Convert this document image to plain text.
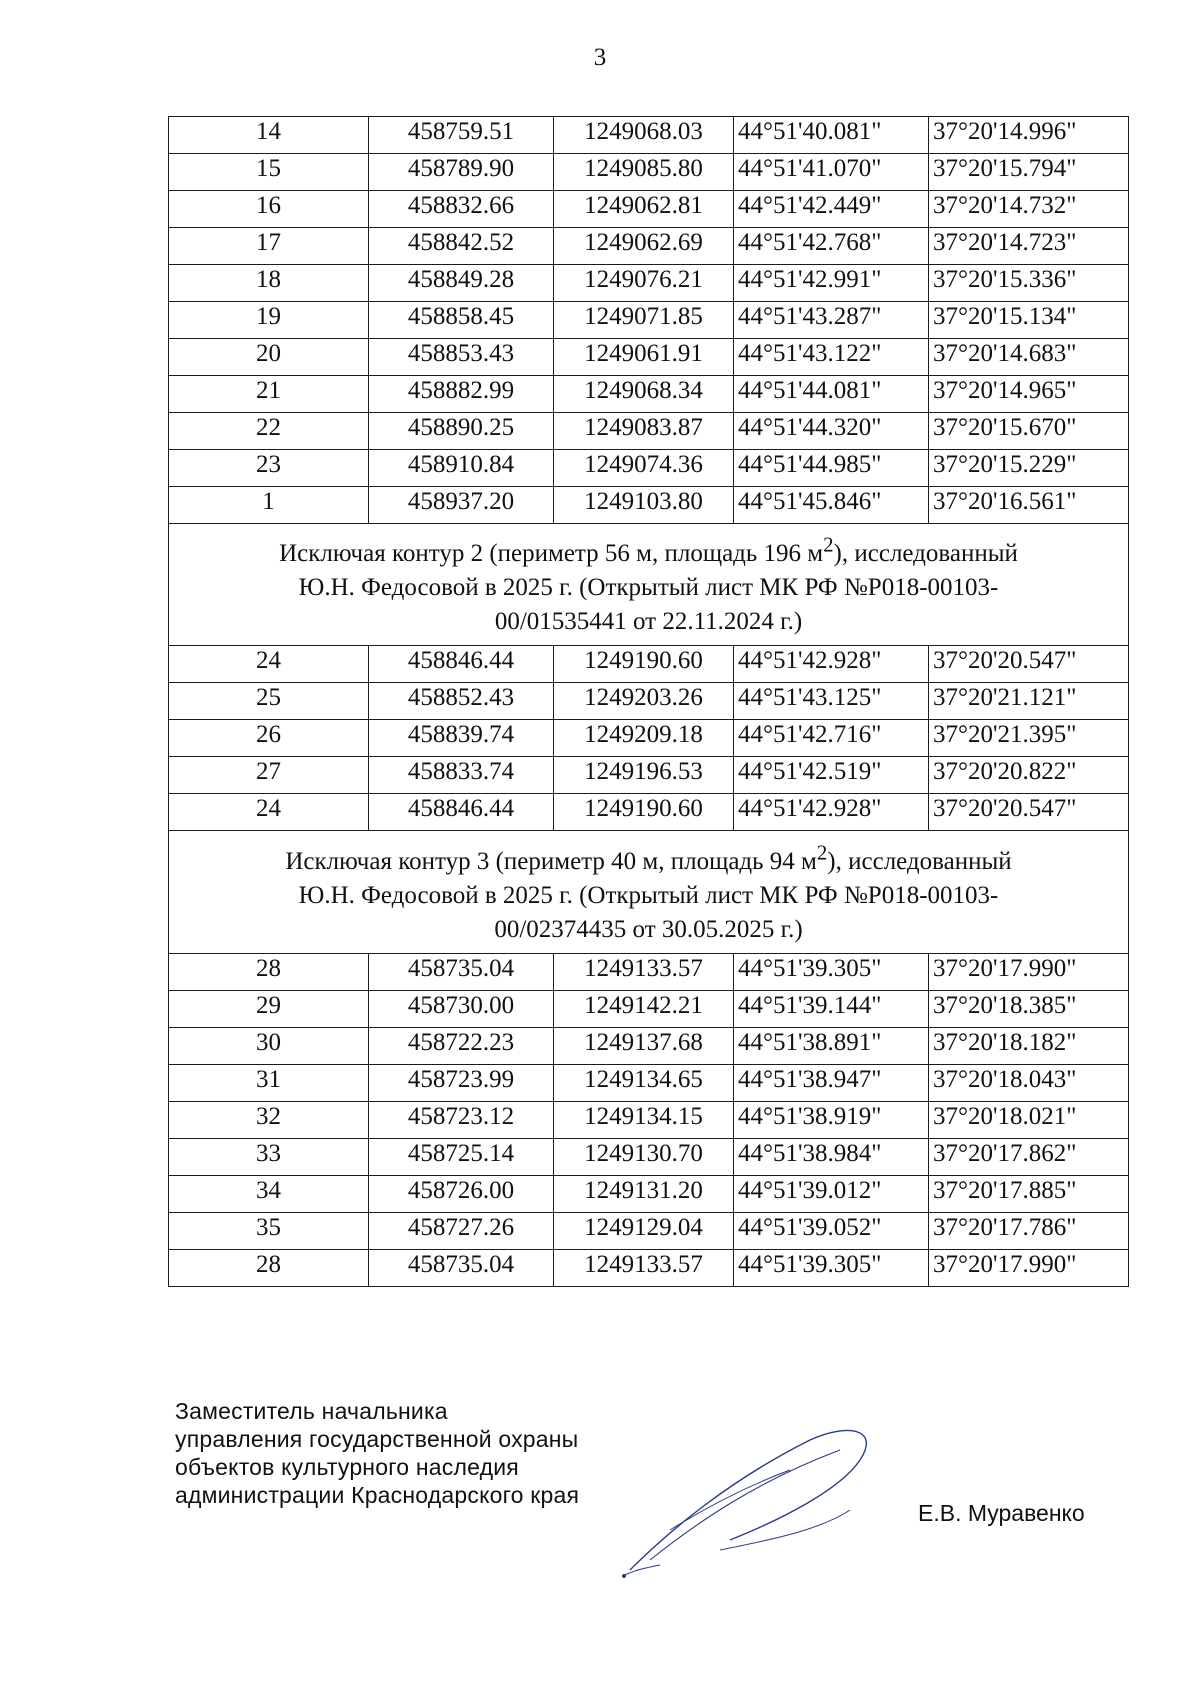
3
14	458759.51	1249068.03	44°51'40.081"	37°20'14.996"
15	458789.90	1249085.80	44°51'41.070"	37°20'15.794"
16	458832.66	1249062.81	44°51'42.449"	37°20'14.732"
17	458842.52	1249062.69	44°51'42.768"	37°20'14.723"
18	458849.28	1249076.21	44°51'42.991"	37°20'15.336"
19	458858.45	1249071.85	44°51'43.287"	37°20'15.134"
20	458853.43	1249061.91	44°51'43.122"	37°20'14.683"
21	458882.99	1249068.34	44°51'44.081"	37°20'14.965"
22	458890.25	1249083.87	44°51'44.320"	37°20'15.670"
23	458910.84	1249074.36	44°51'44.985"	37°20'15.229"
1	458937.20	1249103.80	44°51'45.846"	37°20'16.561"
Исключая контур 2 (периметр 56 м, площадь 196 $м^2$), исследованный
Ю.Н. Федосовой в 2025 г. (Открытый лист МК РФ №Р018-00103-
00/01535441 от 22.11.2024 г.)				
24	458846.44	1249190.60	44°51'42.928"	37°20'20.547"
25	458852.43	1249203.26	44°51'43.125"	37°20'21.121"
26	458839.74	1249209.18	44°51'42.716"	37°20'21.395"
27	458833.74	1249196.53	44°51'42.519"	37°20'20.822"
24	458846.44	1249190.60	44°51'42.928"	37°20'20.547"
Исключая контур 3 (периметр 40 м, площадь 94 $м^2$), исследованный
Ю.Н. Федосовой в 2025 г. (Открытый лист МК РФ №Р018-00103-
00/02374435 от 30.05.2025 г.)				
28	458735.04	1249133.57	44°51'39.305"	37°20'17.990"
29	458730.00	1249142.21	44°51'39.144"	37°20'18.385"
30	458722.23	1249137.68	44°51'38.891"	37°20'18.182"
31	458723.99	1249134.65	44°51'38.947"	37°20'18.043"
32	458723.12	1249134.15	44°51'38.919"	37°20'18.021"
33	458725.14	1249130.70	44°51'38.984"	37°20'17.862"
34	458726.00	1249131.20	44°51'39.012"	37°20'17.885"
35	458727.26	1249129.04	44°51'39.052"	37°20'17.786"
28	458735.04	1249133.57	44°51'39.305"	37°20'17.990"
Заместитель начальника
управления государственной охраны
объектов культурного наследия
администрации Краснодарского края
Е.В. Муравенко
